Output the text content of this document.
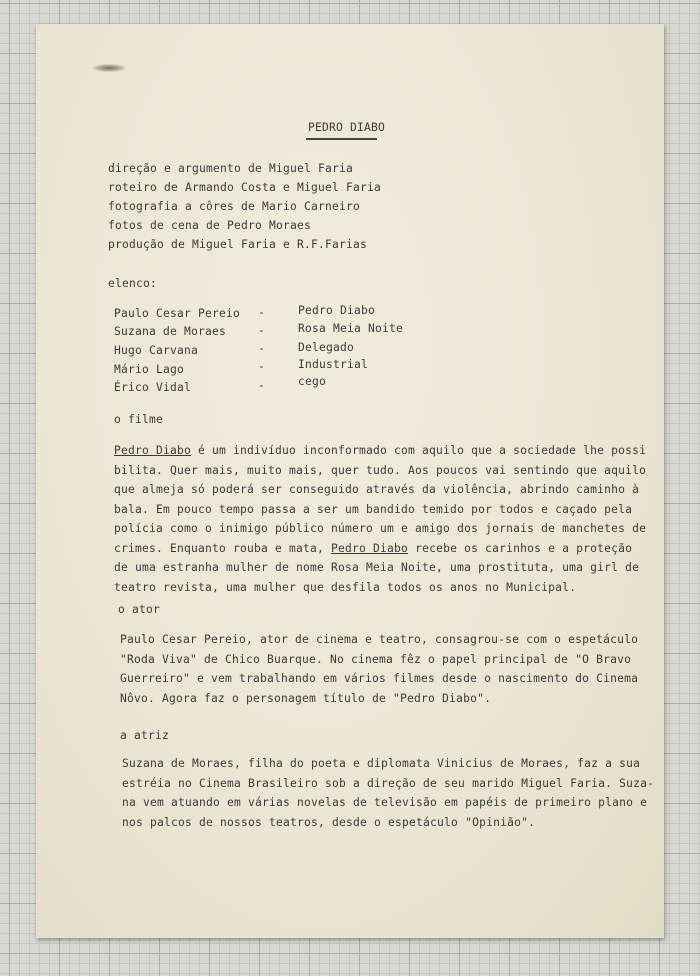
PEDRO DIABO
direção e argumento de Miguel Faria
roteiro de Armando Costa e Miguel Faria
fotografia a côres de Mario Carneiro
fotos de cena de Pedro Moraes
produção de Miguel Faria e R.F.Farias
elenco:
Paulo Cesar Pereio -	Pedro Diabo
Suzana de Moraes	-	Rosa Meia Noite
Hugo Carvana	-	Delegado
Mário Lago	-	Industrial
Érico Vidal	-	cego
o filme
Pedro Diabo é um indivíduo inconformado com aquilo que a sociedade lhe possi
bilita. Quer mais, muito mais, quer tudo. Aos poucos vai sentindo que aquilo
que almeja só poderá ser conseguido através da violência, abrindo caminho à
bala. Em pouco tempo passa a ser um bandido temido por todos e caçado pela
polícia como o inimigo público número um e amigo dos jornais de manchetes de
crimes. Enquanto rouba e mata, Pedro Diabo recebe os carinhos e a proteção
de uma estranha mulher de nome Rosa Meia Noite, uma prostituta, uma girl de
teatro revista, uma mulher que desfila todos os anos no Municipal.
o ator
Paulo Cesar Pereio, ator de cinema e teatro, consagrou-se com o espetáculo
"Roda Viva" de Chico Buarque. No cinema fêz o papel principal de "O Bravo
Guerreiro" e vem trabalhando em vários filmes desde o nascimento do Cinema
Nôvo. Agora faz o personagem título de "Pedro Diabo".
a atriz
Suzana de Moraes, filha do poeta e diplomata Vinicius de Moraes, faz a sua
estréia no Cinema Brasileiro sob a direção de seu marido Miguel Faria. Suza-
na vem atuando em várias novelas de televisão em papéis de primeiro plano e
nos palcos de nossos teatros, desde o espetáculo "Opinião".
